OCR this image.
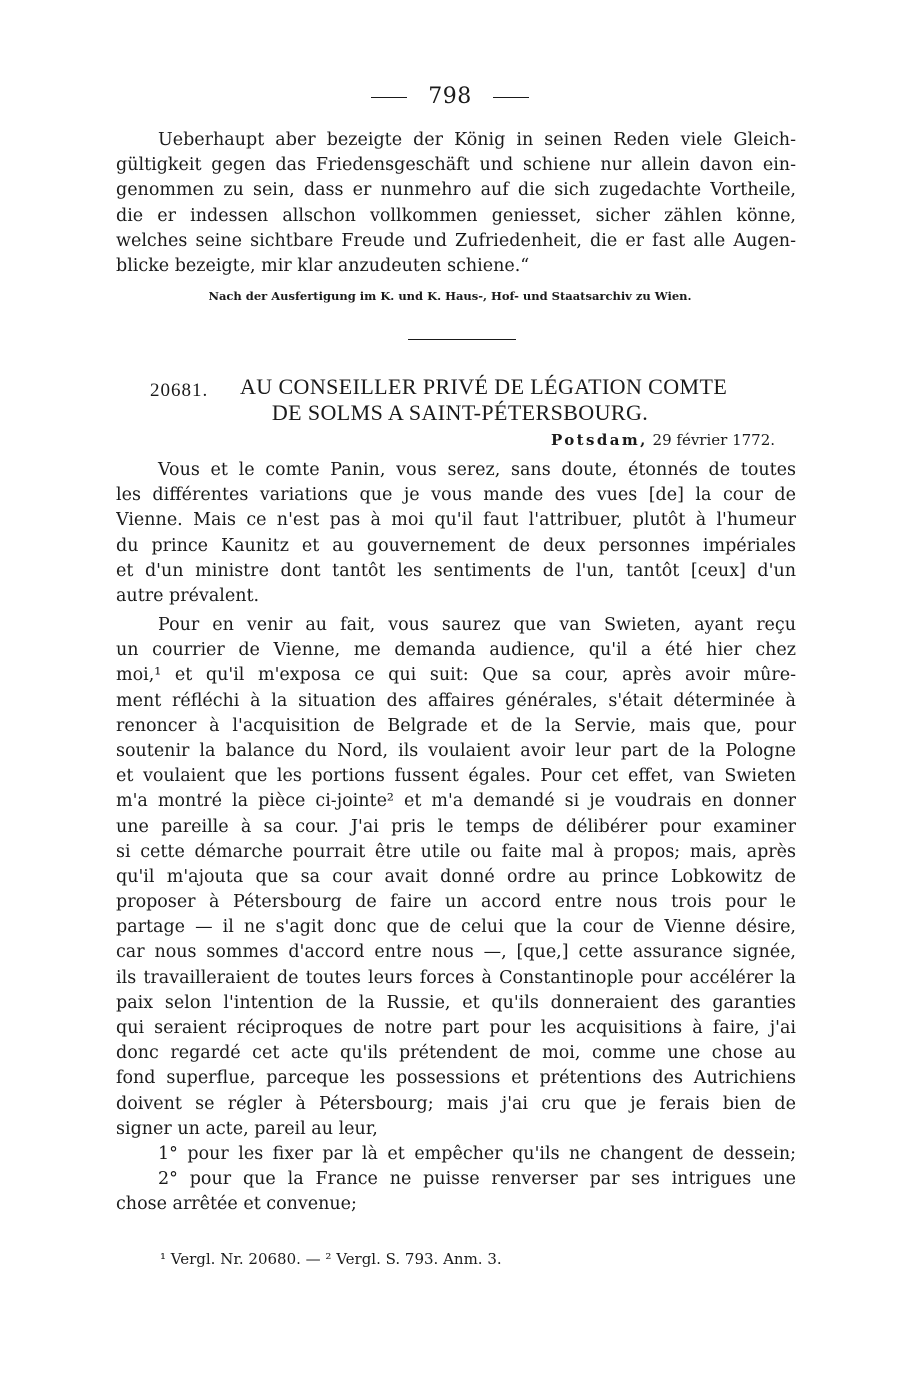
798
Ueberhaupt aber bezeigte der König in seinen Reden viele Gleich-
gültigkeit gegen das Friedensgeschäft und schiene nur allein davon ein-
genommen zu sein, dass er nunmehro auf die sich zugedachte Vortheile,
die er indessen allschon vollkommen geniesset, sicher zählen könne,
welches seine sichtbare Freude und Zufriedenheit, die er fast alle Augen-
blicke bezeigte, mir klar anzudeuten schiene.“
Nach der Ausfertigung im K. und K. Haus-, Hof- und Staatsarchiv zu Wien.
20681. AU CONSEILLER PRIVÉ DE LÉGATION COMTE
DE SOLMS A SAINT-PÉTERSBOURG.
Potsdam, 29 février 1772.
Vous et le comte Panin, vous serez, sans doute, étonnés de toutes
les différentes variations que je vous mande des vues [de] la cour de
Vienne. Mais ce n'est pas à moi qu'il faut l'attribuer, plutôt à l'humeur
du prince Kaunitz et au gouvernement de deux personnes impériales
et d'un ministre dont tantôt les sentiments de l'un, tantôt [ceux] d'un
autre prévalent.
Pour en venir au fait, vous saurez que van Swieten, ayant reçu
un courrier de Vienne, me demanda audience, qu'il a été hier chez
moi,¹ et qu'il m'exposa ce qui suit: Que sa cour, après avoir mûre-
ment réfléchi à la situation des affaires générales, s'était déterminée à
renoncer à l'acquisition de Belgrade et de la Servie, mais que, pour
soutenir la balance du Nord, ils voulaient avoir leur part de la Pologne
et voulaient que les portions fussent égales. Pour cet effet, van Swieten
m'a montré la pièce ci-jointe² et m'a demandé si je voudrais en donner
une pareille à sa cour. J'ai pris le temps de délibérer pour examiner
si cette démarche pourrait être utile ou faite mal à propos; mais, après
qu'il m'ajouta que sa cour avait donné ordre au prince Lobkowitz de
proposer à Pétersbourg de faire un accord entre nous trois pour le
partage — il ne s'agit donc que de celui que la cour de Vienne désire,
car nous sommes d'accord entre nous —, [que,] cette assurance signée,
ils travailleraient de toutes leurs forces à Constantinople pour accélérer la
paix selon l'intention de la Russie, et qu'ils donneraient des garanties
qui seraient réciproques de notre part pour les acquisitions à faire, j'ai
donc regardé cet acte qu'ils prétendent de moi, comme une chose au
fond superflue, parceque les possessions et prétentions des Autrichiens
doivent se régler à Pétersbourg; mais j'ai cru que je ferais bien de
signer un acte, pareil au leur,
1° pour les fixer par là et empêcher qu'ils ne changent de dessein;
2° pour que la France ne puisse renverser par ses intrigues une
chose arrêtée et convenue;
¹ Vergl. Nr. 20680. — ² Vergl. S. 793. Anm. 3.
